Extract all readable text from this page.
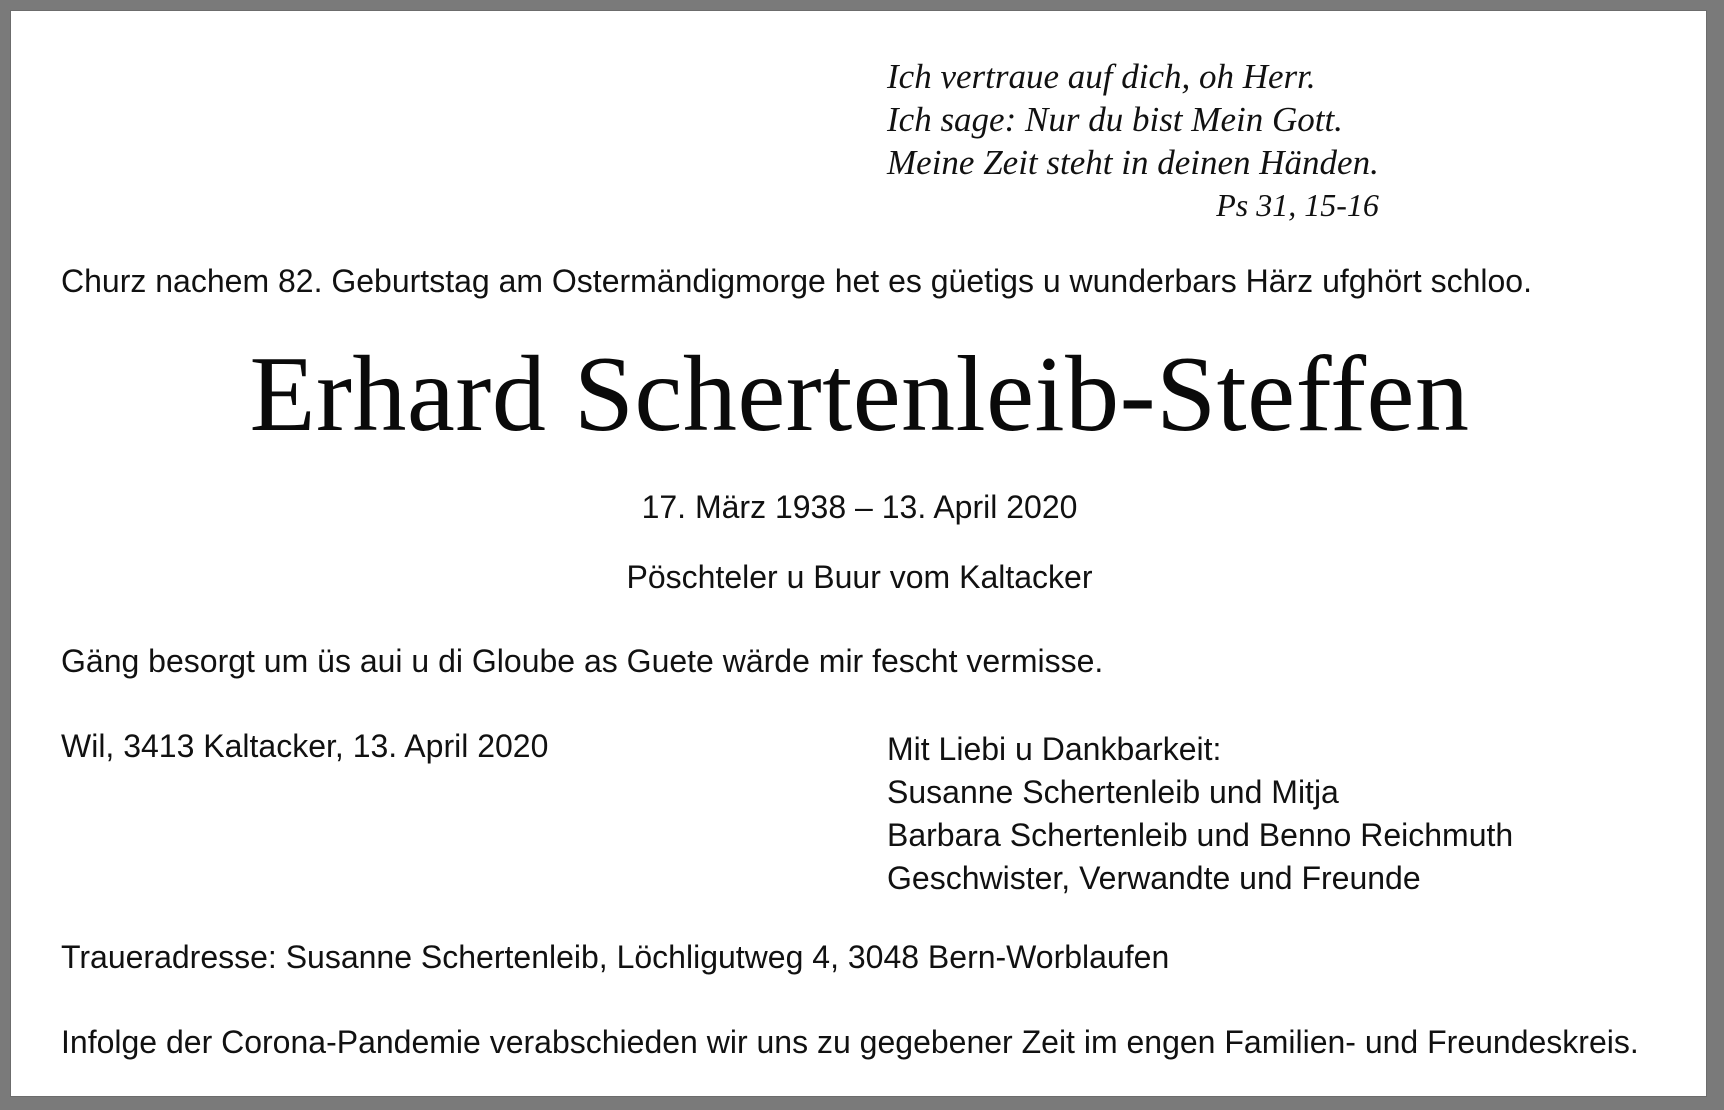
Ich vertraue auf dich, oh Herr.
Ich sage: Nur du bist Mein Gott.
Meine Zeit steht in deinen Händen.
Ps 31, 15-16
Churz nachem 82. Geburtstag am Ostermändigmorge het es güetigs u wunderbars Härz ufghört schloo.
Erhard Schertenleib-Steffen
17. März 1938 – 13. April 2020
Pöschteler u Buur vom Kaltacker
Gäng besorgt um üs aui u di Gloube as Guete wärde mir fescht vermisse.
Wil, 3413 Kaltacker, 13. April 2020	Mit Liebi u Dankbarkeit:
Susanne Schertenleib und Mitja
Barbara Schertenleib und Benno Reichmuth
Geschwister, Verwandte und Freunde
Traueradresse: Susanne Schertenleib, Löchligutweg 4, 3048 Bern-Worblaufen
Infolge der Corona-Pandemie verabschieden wir uns zu gegebener Zeit im engen Familien- und Freundeskreis.
